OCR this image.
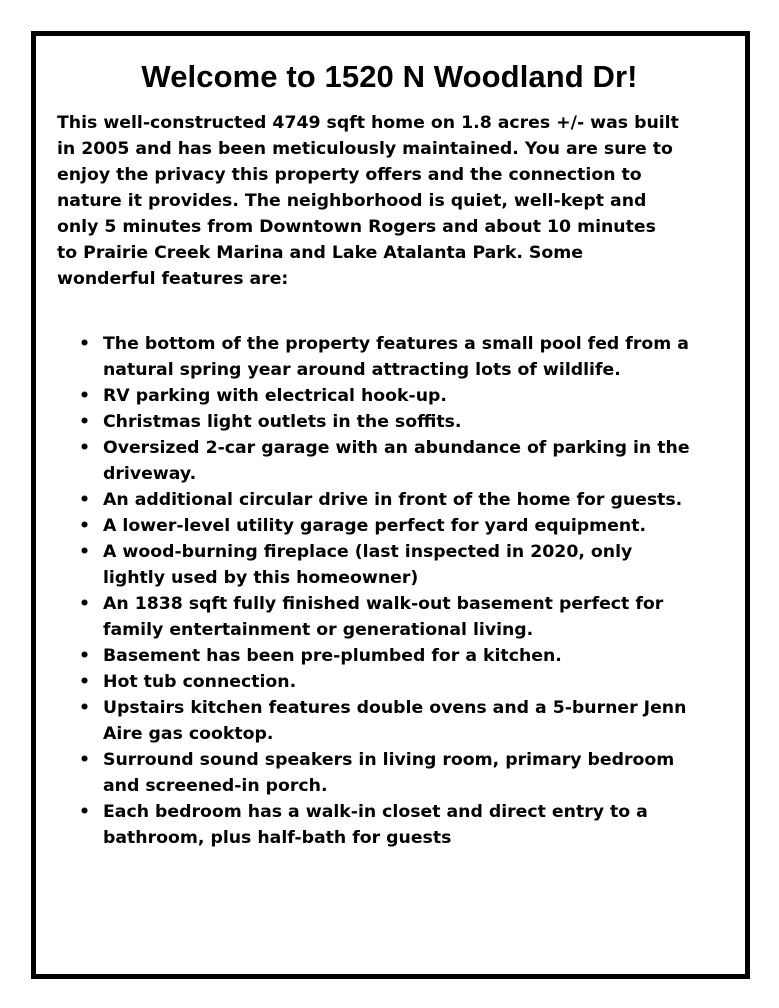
Welcome to 1520 N Woodland Dr!

This well-constructed 4749 sqft home on 1.8 acres +/- was built in 2005 and has been meticulously maintained. You are sure to enjoy the privacy this property offers and the connection to nature it provides. The neighborhood is quiet, well-kept and only 5 minutes from Downtown Rogers and about 10 minutes to Prairie Creek Marina and Lake Atalanta Park. Some wonderful features are:

• The bottom of the property features a small pool fed from a natural spring year around attracting lots of wildlife.
• RV parking with electrical hook-up.
• Christmas light outlets in the soffits.
• Oversized 2-car garage with an abundance of parking in the driveway.
• An additional circular drive in front of the home for guests.
• A lower-level utility garage perfect for yard equipment.
• A wood-burning fireplace (last inspected in 2020, only lightly used by this homeowner)
• An 1838 sqft fully finished walk-out basement perfect for family entertainment or generational living.
• Basement has been pre-plumbed for a kitchen.
• Hot tub connection.
• Upstairs kitchen features double ovens and a 5-burner Jenn Aire gas cooktop.
• Surround sound speakers in living room, primary bedroom and screened-in porch.
• Each bedroom has a walk-in closet and direct entry to a bathroom, plus half-bath for guests
